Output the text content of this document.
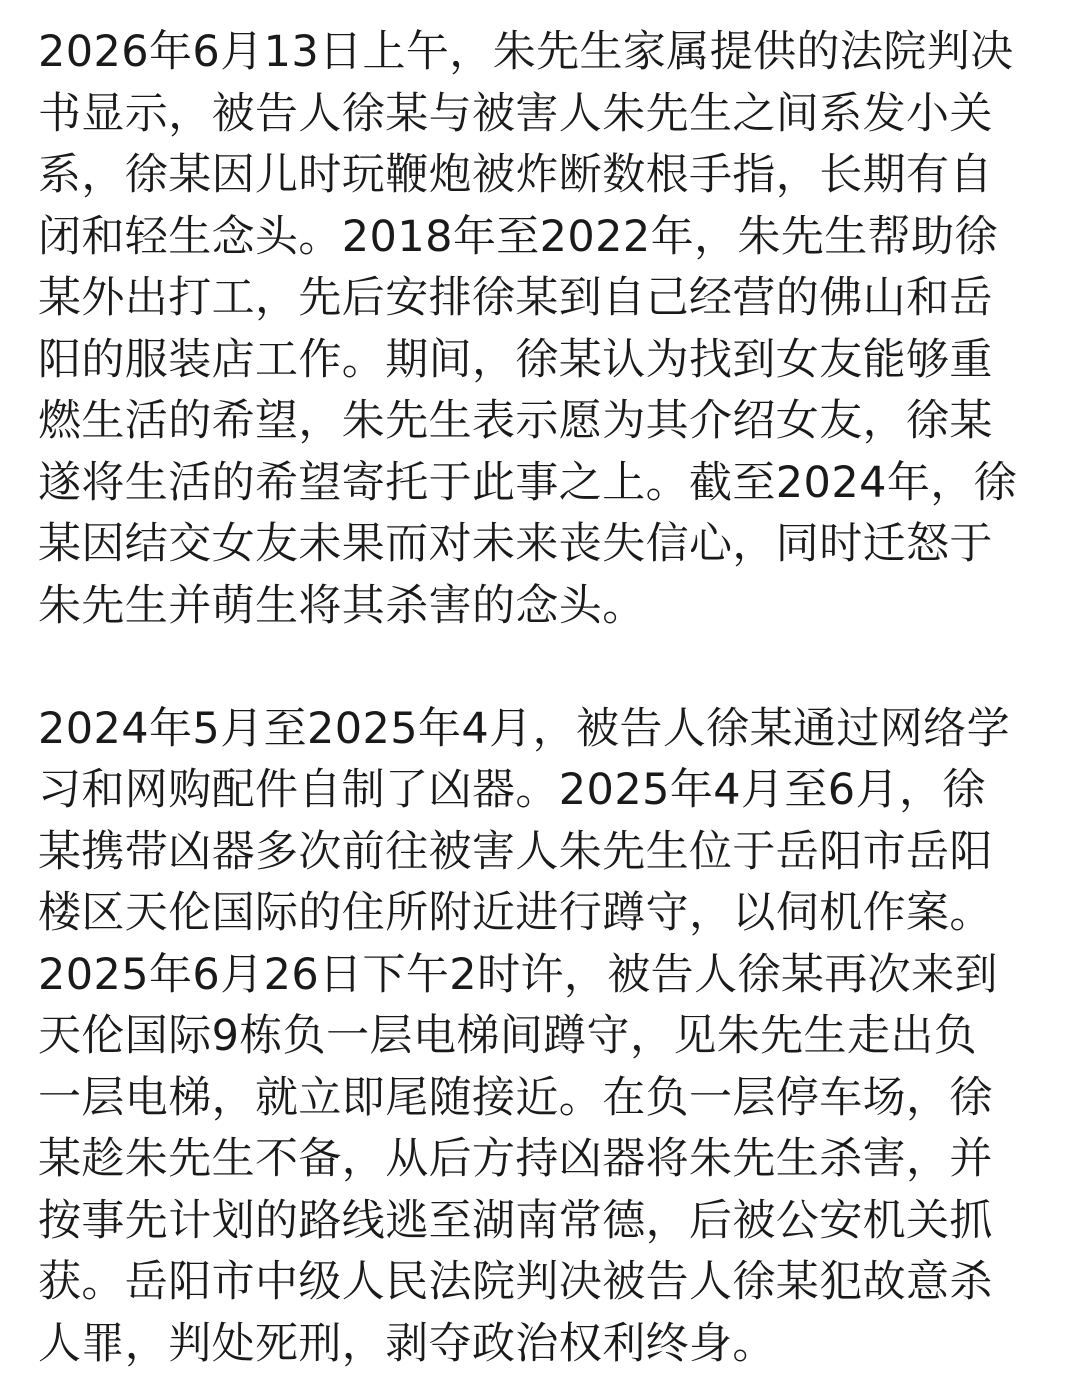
2026年6月13日上午，朱先生家属提供的法院判决
书显示，被告人徐某与被害人朱先生之间系发小关
系，徐某因儿时玩鞭炮被炸断数根手指，长期有自
闭和轻生念头。2018年至2022年，朱先生帮助徐
某外出打工，先后安排徐某到自己经营的佛山和岳
阳的服装店工作。期间，徐某认为找到女友能够重
燃生活的希望，朱先生表示愿为其介绍女友，徐某
遂将生活的希望寄托于此事之上。截至2024年，徐
某因结交女友未果而对未来丧失信心，同时迁怒于
朱先生并萌生将其杀害的念头。
2024年5月至2025年4月，被告人徐某通过网络学
习和网购配件自制了凶器。2025年4月至6月，徐
某携带凶器多次前往被害人朱先生位于岳阳市岳阳
楼区天伦国际的住所附近进行蹲守，以伺机作案。
2025年6月26日下午2时许，被告人徐某再次来到
天伦国际9栋负一层电梯间蹲守，见朱先生走出负
一层电梯，就立即尾随接近。在负一层停车场，徐
某趁朱先生不备，从后方持凶器将朱先生杀害，并
按事先计划的路线逃至湖南常德，后被公安机关抓
获。岳阳市中级人民法院判决被告人徐某犯故意杀
人罪，判处死刑，剥夺政治权利终身。
